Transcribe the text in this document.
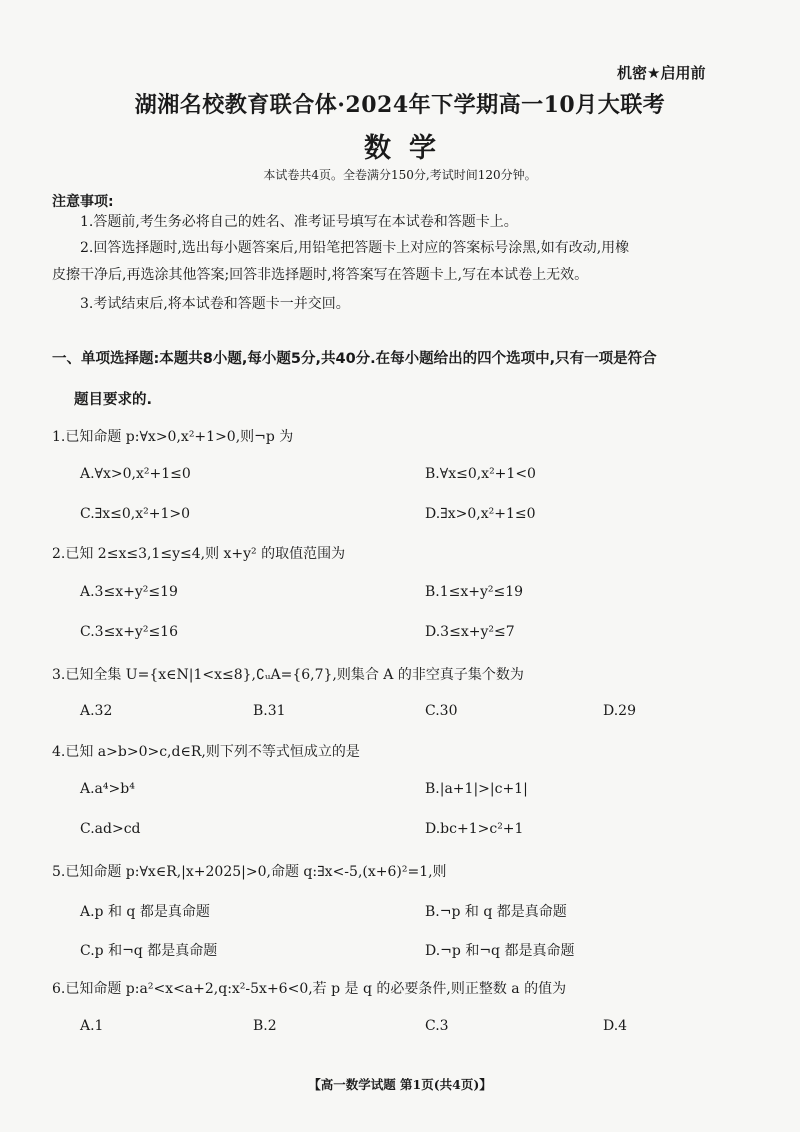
机密★启用前
湖湘名校教育联合体·2024年下学期高一10月大联考
数学
本试卷共4页。全卷满分150分,考试时间120分钟。
注意事项:
1.答题前,考生务必将自己的姓名、准考证号填写在本试卷和答题卡上。
2.回答选择题时,选出每小题答案后,用铅笔把答题卡上对应的答案标号涂黑,如有改动,用橡
皮擦干净后,再选涂其他答案;回答非选择题时,将答案写在答题卡上,写在本试卷上无效。
3.考试结束后,将本试卷和答题卡一并交回。
一、单项选择题:本题共8小题,每小题5分,共40分.在每小题给出的四个选项中,只有一项是符合
题目要求的.
1.已知命题 p:∀x>0,x²+1>0,则¬p 为
A.∀x>0,x²+1≤0	B.∀x≤0,x²+1<0
C.∃x≤0,x²+1>0	D.∃x>0,x²+1≤0
2.已知 2≤x≤3,1≤y≤4,则 x+y² 的取值范围为
A.3≤x+y²≤19	B.1≤x+y²≤19
C.3≤x+y²≤16	D.3≤x+y²≤7
3.已知全集 U={x∈N|1<x≤8},∁ᵤA={6,7},则集合 A 的非空真子集个数为
A.32	B.31	C.30	D.29
4.已知 a>b>0>c,d∈R,则下列不等式恒成立的是
A.a⁴>b⁴	B.|a+1|>|c+1|
C.ad>cd	D.bc+1>c²+1
5.已知命题 p:∀x∈R,|x+2025|>0,命题 q:∃x<-5,(x+6)²=1,则
A.p 和 q 都是真命题	B.¬p 和 q 都是真命题
C.p 和¬q 都是真命题	D.¬p 和¬q 都是真命题
6.已知命题 p:a²<x<a+2,q:x²-5x+6<0,若 p 是 q 的必要条件,则正整数 a 的值为
A.1	B.2	C.3	D.4
【高一数学试题 第1页(共4页)】
